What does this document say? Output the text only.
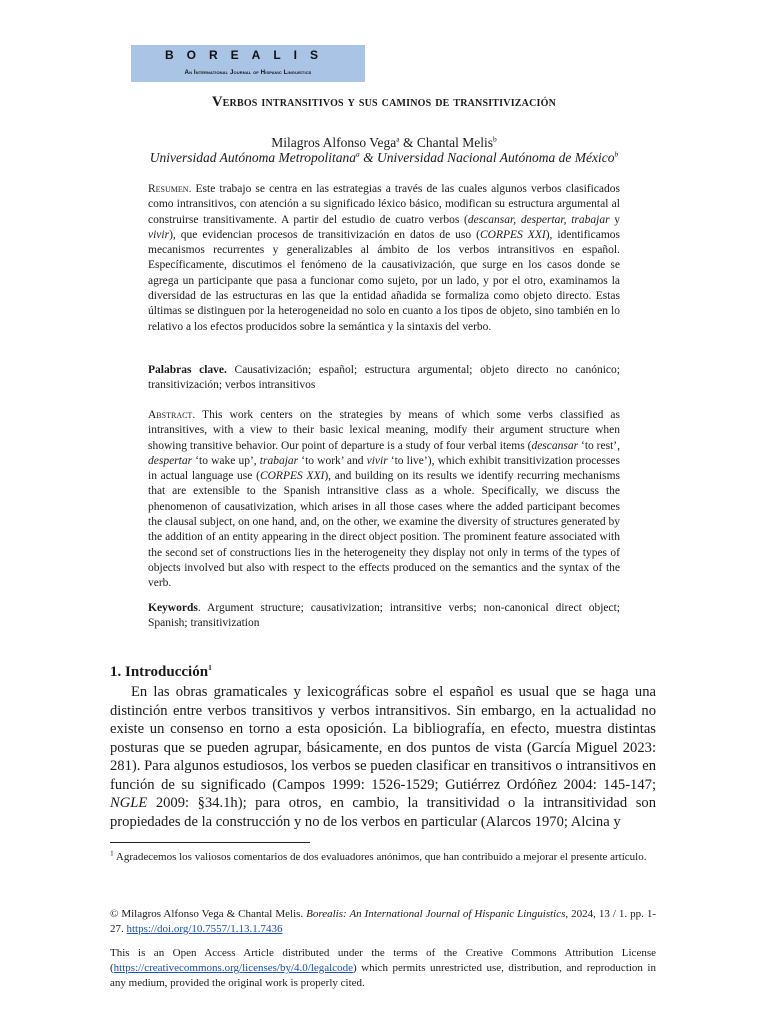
BOREALIS
An International Journal of Hispanic Linguistics
Verbos intransitivos y sus caminos de transitivización
Milagros Alfonso Vega$^a$ & Chantal Melis$^b$
Universidad Autónoma Metropolitana$^a$ & Universidad Nacional Autónoma de México$^b$

Resumen. Este trabajo se centra en las estrategias a través de las cuales algunos verbos clasificados como intransitivos, con atención a su significado léxico básico, modifican su estructura argumental al construirse transitivamente. A partir del estudio de cuatro verbos (descansar, despertar, trabajar y vivir), que evidencian procesos de transitivización en datos de uso (CORPES XXI), identificamos mecanismos recurrentes y generalizables al ámbito de los verbos intransitivos en español. Específicamente, discutimos el fenómeno de la causativización, que surge en los casos donde se agrega un participante que pasa a funcionar como sujeto, por un lado, y por el otro, examinamos la diversidad de las estructuras en las que la entidad añadida se formaliza como objeto directo. Estas últimas se distinguen por la heterogeneidad no solo en cuanto a los tipos de objeto, sino también en lo relativo a los efectos producidos sobre la semántica y la sintaxis del verbo.

Palabras clave. Causativización; español; estructura argumental; objeto directo no canónico; transitivización; verbos intransitivos

Abstract. This work centers on the strategies by means of which some verbs classified as intransitives, with a view to their basic lexical meaning, modify their argument structure when showing transitive behavior. Our point of departure is a study of four verbal items (descansar ‘to rest’, despertar ‘to wake up’, trabajar ‘to work’ and vivir ‘to live’), which exhibit transitivization processes in actual language use (CORPES XXI), and building on its results we identify recurring mechanisms that are extensible to the Spanish intransitive class as a whole. Specifically, we discuss the phenomenon of causativization, which arises in all those cases where the added participant becomes the clausal subject, on one hand, and, on the other, we examine the diversity of structures generated by the addition of an entity appearing in the direct object position. The prominent feature associated with the second set of constructions lies in the heterogeneity they display not only in terms of the types of objects involved but also with respect to the effects produced on the semantics and the syntax of the verb.

Keywords. Argument structure; causativization; intransitive verbs; non-canonical direct object; Spanish; transitivization

1. Introducción$^1$

En las obras gramaticales y lexicográficas sobre el español es usual que se haga una distinción entre verbos transitivos y verbos intransitivos. Sin embargo, en la actualidad no existe un consenso en torno a esta oposición. La bibliografía, en efecto, muestra distintas posturas que se pueden agrupar, básicamente, en dos puntos de vista (García Miguel 2023: 281). Para algunos estudiosos, los verbos se pueden clasificar en transitivos o intransitivos en función de su significado (Campos 1999: 1526-1529; Gutiérrez Ordóñez 2004: 145-147; NGLE 2009: §34.1h); para otros, en cambio, la transitividad o la intransitividad son propiedades de la construcción y no de los verbos en particular (Alarcos 1970; Alcina y

$^1$ Agradecemos los valiosos comentarios de dos evaluadores anónimos, que han contribuido a mejorar el presente artículo.

© Milagros Alfonso Vega & Chantal Melis. Borealis: An International Journal of Hispanic Linguistics, 2024, 13 / 1. pp. 1-27. https://doi.org/10.7557/1.13.1.7436

This is an Open Access Article distributed under the terms of the Creative Commons Attribution License (https://creativecommons.org/licenses/by/4.0/legalcode) which permits unrestricted use, distribution, and reproduction in any medium, provided the original work is properly cited.
